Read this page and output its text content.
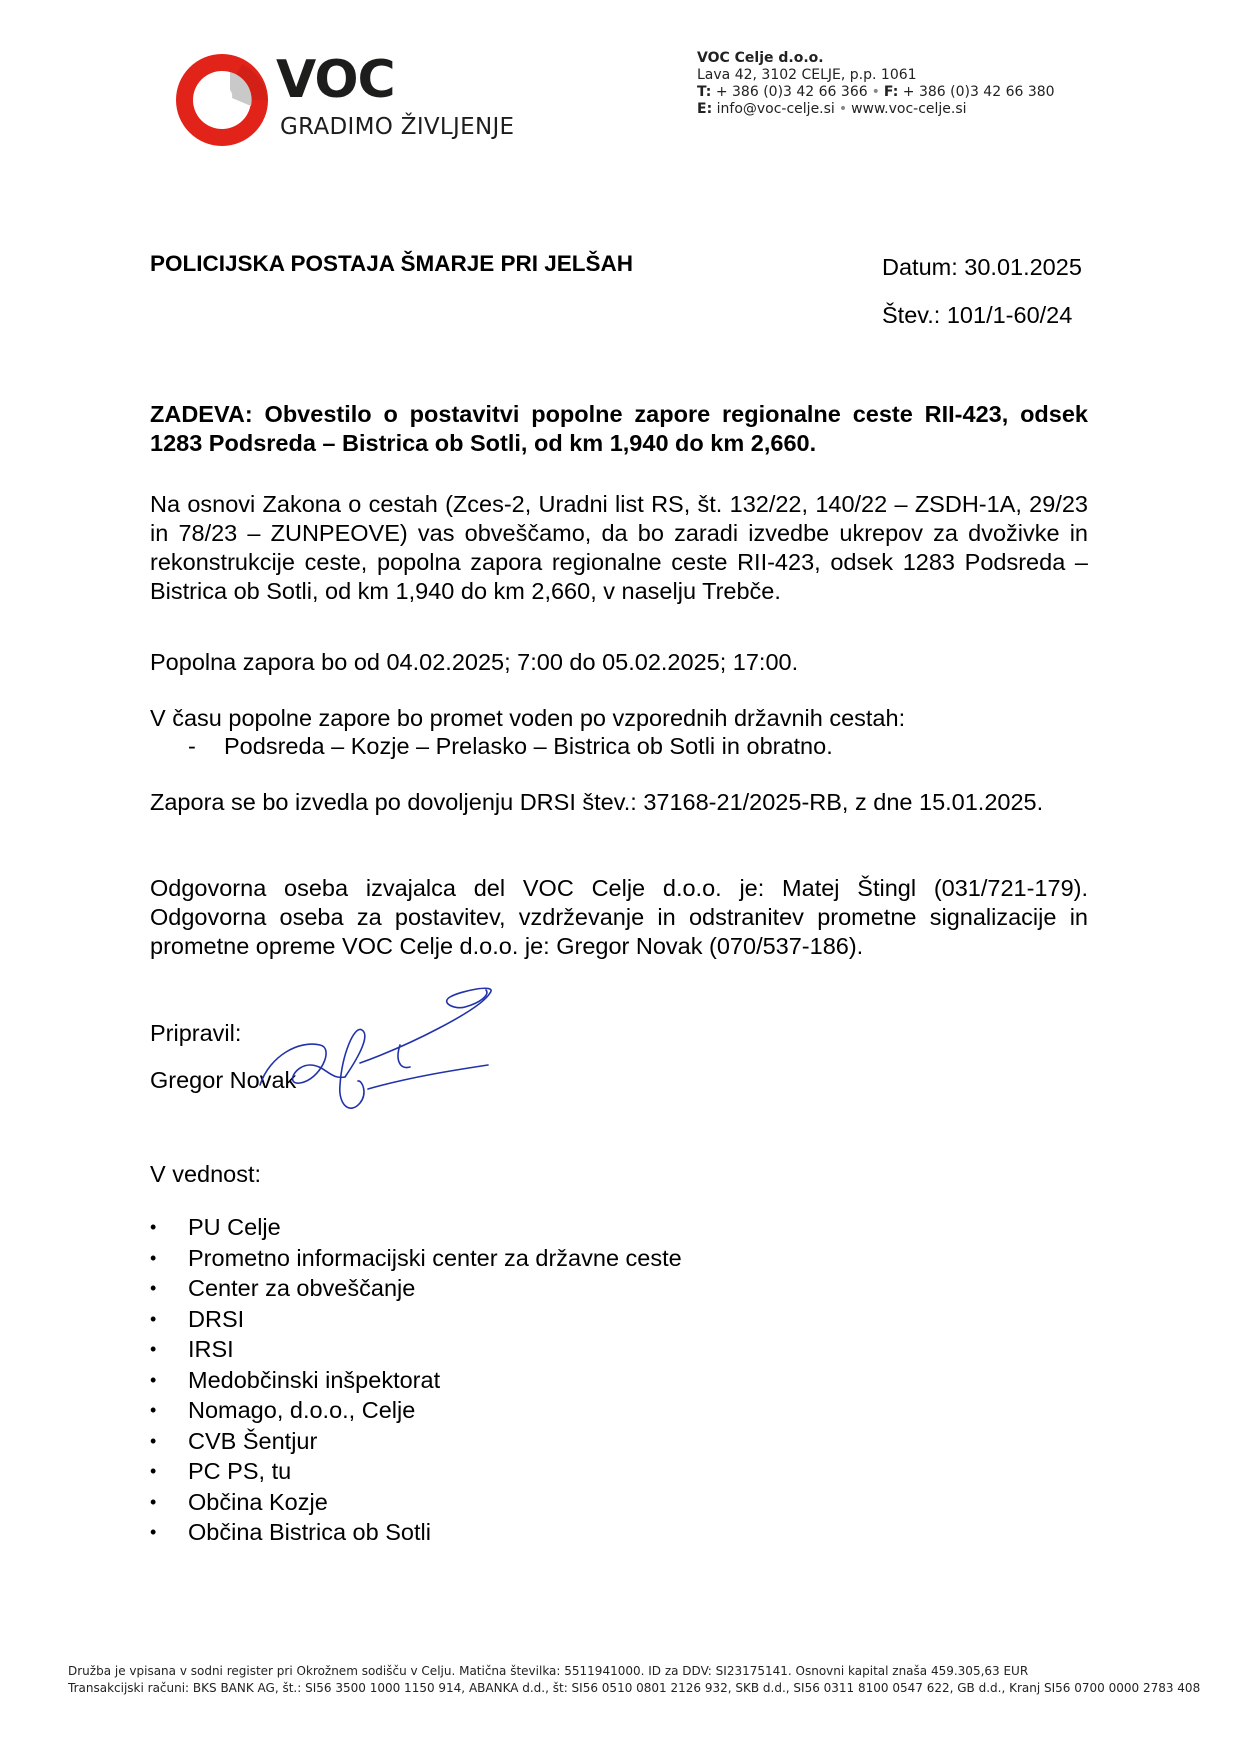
VOC
GRADIMO ŽIVLJENJE
VOC Celje d.o.o.
Lava 42, 3102 CELJE, p.p. 1061
T: + 386 (0)3 42 66 366 • F: + 386 (0)3 42 66 380
E: info@voc-celje.si • www.voc-celje.si
POLICIJSKA POSTAJA ŠMARJE PRI JELŠAH	Datum: 30.01.2025
Štev.: 101/1-60/24
ZADEVA: Obvestilo o postavitvi popolne zapore regionalne ceste RII-423, odsek 1283 Podsreda – Bistrica ob Sotli, od km 1,940 do km 2,660.
Na osnovi Zakona o cestah (Zces-2, Uradni list RS, št. 132/22, 140/22 – ZSDH-1A, 29/23 in 78/23 – ZUNPEOVE) vas obveščamo, da bo zaradi izvedbe ukrepov za dvoživke in rekonstrukcije ceste, popolna zapora regionalne ceste RII-423, odsek 1283 Podsreda – Bistrica ob Sotli, od km 1,940 do km 2,660, v naselju Trebče.
Popolna zapora bo od 04.02.2025; 7:00 do 05.02.2025; 17:00.
V času popolne zapore bo promet voden po vzporednih državnih cestah:
- Podsreda – Kozje – Prelasko – Bistrica ob Sotli in obratno.
Zapora se bo izvedla po dovoljenju DRSI štev.: 37168-21/2025-RB, z dne 15.01.2025.
Odgovorna oseba izvajalca del VOC Celje d.o.o. je: Matej Štingl (031/721-179). Odgovorna oseba za postavitev, vzdrževanje in odstranitev prometne signalizacije in prometne opreme VOC Celje d.o.o. je: Gregor Novak (070/537-186).
Pripravil:
Gregor Novak
V vednost:
• PU Celje
• Prometno informacijski center za državne ceste
• Center za obveščanje
• DRSI
• IRSI
• Medobčinski inšpektorat
• Nomago, d.o.o., Celje
• CVB Šentjur
• PC PS, tu
• Občina Kozje
• Občina Bistrica ob Sotli
Družba je vpisana v sodni register pri Okrožnem sodišču v Celju. Matična številka: 5511941000. ID za DDV: SI23175141. Osnovni kapital znaša 459.305,63 EUR
Transakcijski računi: BKS BANK AG, št.: SI56 3500 1000 1150 914, ABANKA d.d., št: SI56 0510 0801 2126 932, SKB d.d., SI56 0311 8100 0547 622, GB d.d., Kranj SI56 0700 0000 2783 408
